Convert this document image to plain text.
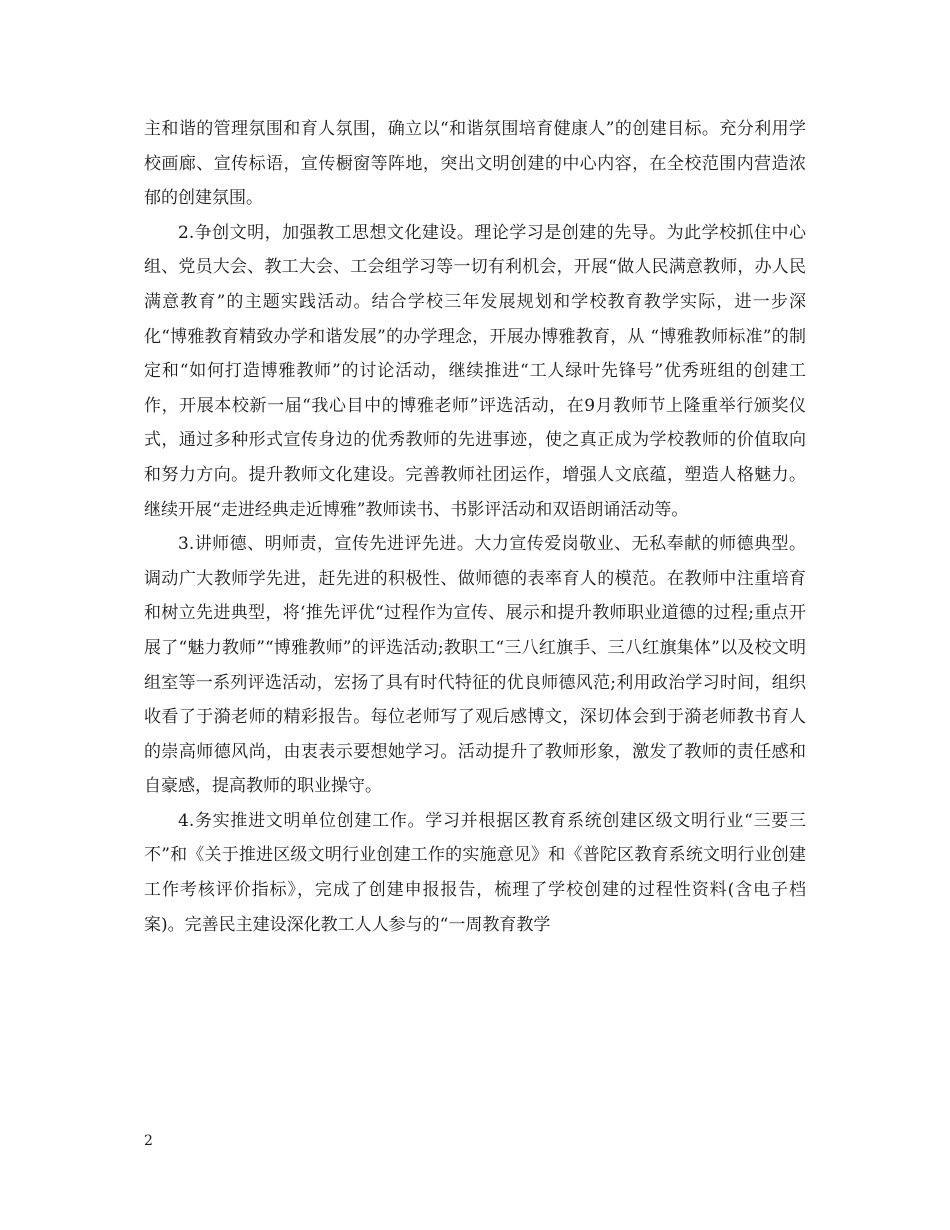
主和谐的管理氛围和育人氛围，确立以“和谐氛围培育健康人”的创建目标。充分利用学校画廊、宣传标语，宣传橱窗等阵地，突出文明创建的中心内容，在全校范围内营造浓郁的创建氛围。

2.争创文明，加强教工思想文化建设。理论学习是创建的先导。为此学校抓住中心组、党员大会、教工大会、工会组学习等一切有利机会，开展“做人民满意教师，办人民满意教育”的主题实践活动。结合学校三年发展规划和学校教育教学实际，进一步深化“博雅教育精致办学和谐发展”的办学理念，开展办博雅教育，从 “博雅教师标准”的制定和“如何打造博雅教师”的讨论活动，继续推进“工人绿叶先锋号”优秀班组的创建工作，开展本校新一届“我心目中的博雅老师”评选活动，在9月教师节上隆重举行颁奖仪式，通过多种形式宣传身边的优秀教师的先进事迹，使之真正成为学校教师的价值取向和努力方向。提升教师文化建设。完善教师社团运作，增强人文底蕴，塑造人格魅力。继续开展“走进经典走近博雅”教师读书、书影评活动和双语朗诵活动等。

3.讲师德、明师责，宣传先进评先进。大力宣传爱岗敬业、无私奉献的师德典型。调动广大教师学先进，赶先进的积极性、做师德的表率育人的模范。在教师中注重培育和树立先进典型，将‘推先评优“过程作为宣传、展示和提升教师职业道德的过程;重点开展了“魅力教师”“博雅教师”的评选活动;教职工“三八红旗手、三八红旗集体”以及校文明组室等一系列评选活动，宏扬了具有时代特征的优良师德风范;利用政治学习时间，组织收看了于漪老师的精彩报告。每位老师写了观后感博文，深切体会到于漪老师教书育人的崇高师德风尚，由衷表示要想她学习。活动提升了教师形象，激发了教师的责任感和自豪感，提高教师的职业操守。

4.务实推进文明单位创建工作。学习并根据区教育系统创建区级文明行业“三要三不”和《关于推进区级文明行业创建工作的实施意见》和《普陀区教育系统文明行业创建工作考核评价指标》，完成了创建申报报告，梳理了学校创建的过程性资料(含电子档案)。完善民主建设深化教工人人参与的“一周教育教学

2
